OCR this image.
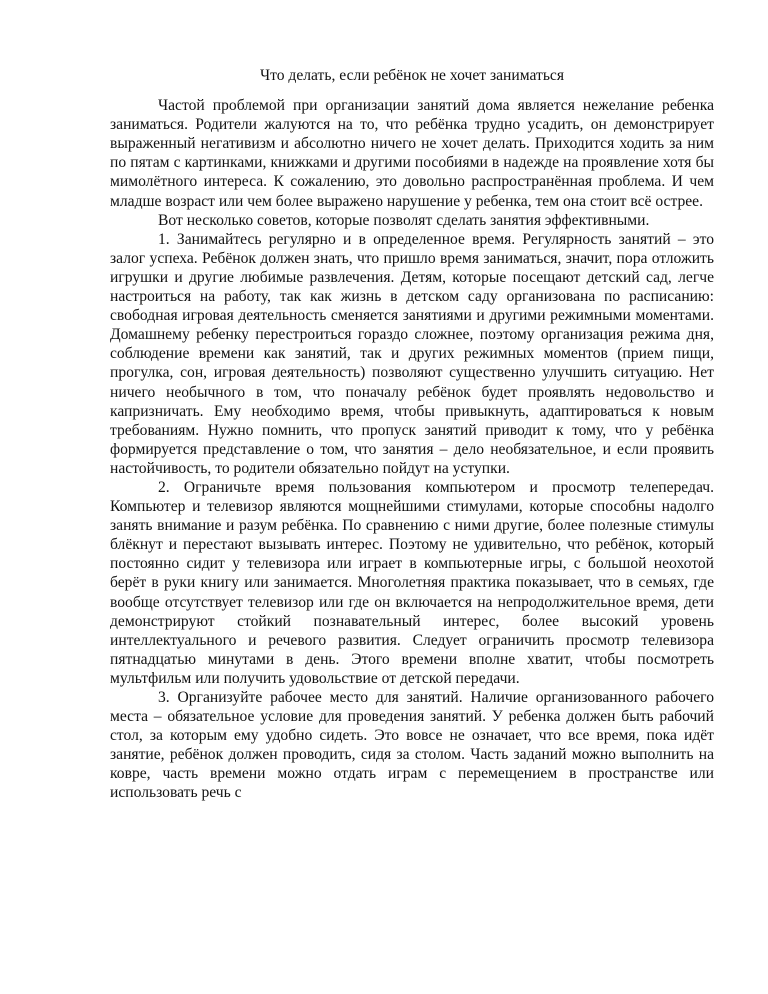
Что делать, если ребёнок не хочет заниматься

Частой проблемой при организации занятий дома является нежелание ребенка заниматься. Родители жалуются на то, что ребёнка трудно усадить, он демонстрирует выраженный негативизм и абсолютно ничего не хочет делать. Приходится ходить за ним по пятам с картинками, книжками и другими пособиями в надежде на проявление хотя бы мимолётного интереса. К сожалению, это довольно распространённая проблема. И чем младше возраст или чем более выражено нарушение у ребенка, тем она стоит всё острее.

Вот несколько советов, которые позволят сделать занятия эффективными.

1. Занимайтесь регулярно и в определенное время. Регулярность занятий – это залог успеха. Ребёнок должен знать, что пришло время заниматься, значит, пора отложить игрушки и другие любимые развлечения. Детям, которые посещают детский сад, легче настроиться на работу, так как жизнь в детском саду организована по расписанию: свободная игровая деятельность сменяется занятиями и другими режимными моментами. Домашнему ребенку перестроиться гораздо сложнее, поэтому организация режима дня, соблюдение времени как занятий, так и других режимных моментов (прием пищи, прогулка, сон, игровая деятельность) позволяют существенно улучшить ситуацию. Нет ничего необычного в том, что поначалу ребёнок будет проявлять недовольство и капризничать. Ему необходимо время, чтобы привыкнуть, адаптироваться к новым требованиям. Нужно помнить, что пропуск занятий приводит к тому, что у ребёнка формируется представление о том, что занятия – дело необязательное, и если проявить настойчивость, то родители обязательно пойдут на уступки.

2. Ограничьте время пользования компьютером и просмотр телепередач. Компьютер и телевизор являются мощнейшими стимулами, которые способны надолго занять внимание и разум ребёнка. По сравнению с ними другие, более полезные стимулы блёкнут и перестают вызывать интерес. Поэтому не удивительно, что ребёнок, который постоянно сидит у телевизора или играет в компьютерные игры, с большой неохотой берёт в руки книгу или занимается. Многолетняя практика показывает, что в семьях, где вообще отсутствует телевизор или где он включается на непродолжительное время, дети демонстрируют стойкий познавательный интерес, более высокий уровень интеллектуального и речевого развития. Следует ограничить просмотр телевизора пятнадцатью минутами в день. Этого времени вполне хватит, чтобы посмотреть мультфильм или получить удовольствие от детской передачи.

3. Организуйте рабочее место для занятий. Наличие организованного рабочего места – обязательное условие для проведения занятий. У ребенка должен быть рабочий стол, за которым ему удобно сидеть. Это вовсе не означает, что все время, пока идёт занятие, ребёнок должен проводить, сидя за столом. Часть заданий можно выполнить на ковре, часть времени можно отдать играм с перемещением в пространстве или использовать речь с
